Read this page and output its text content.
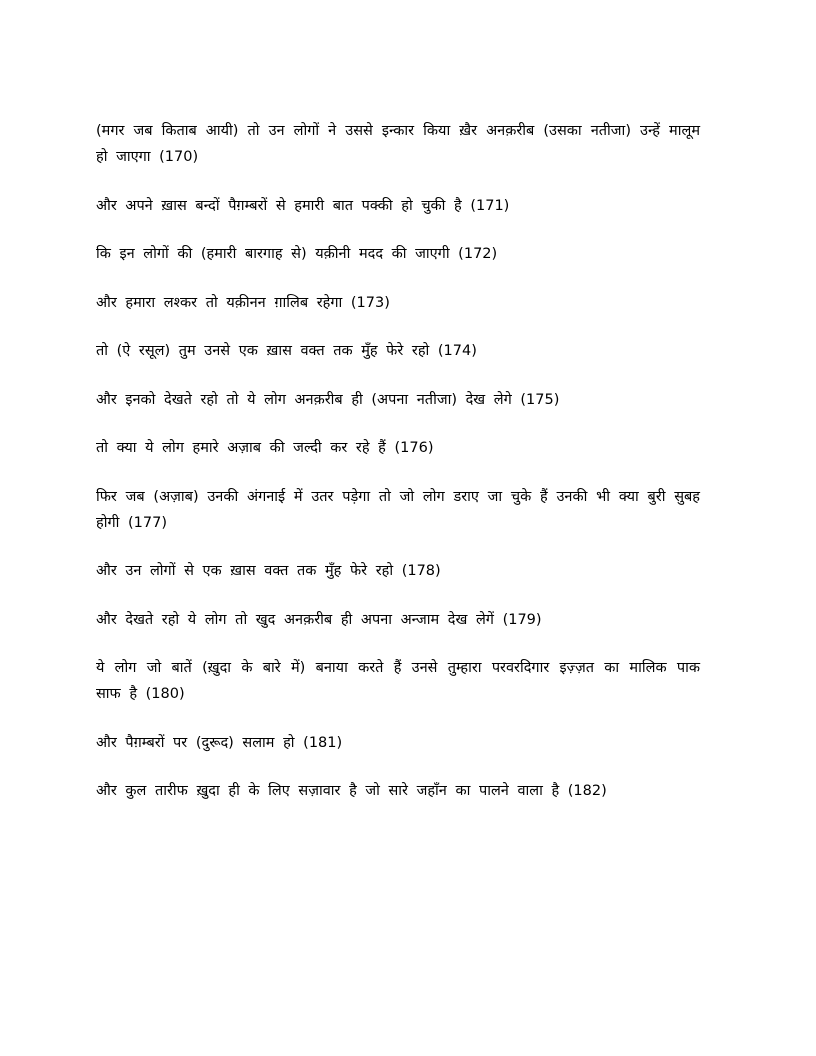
(मगर जब किताब आयी) तो उन लोगों ने उससे इन्कार किया ख़ैर अनक़रीब (उसका नतीजा) उन्हें मालूम हो जाएगा (170)

और अपने ख़ास बन्दों पैग़म्बरों से हमारी बात पक्की हो चुकी है (171)

कि इन लोगों की (हमारी बारगाह से) यक़ीनी मदद की जाएगी (172)

और हमारा लश्कर तो यक़ीनन ग़ालिब रहेगा (173)

तो (ऐ रसूल) तुम उनसे एक ख़ास वक्त तक मुँह फेरे रहो (174)

और इनको देखते रहो तो ये लोग अनक़रीब ही (अपना नतीजा) देख लेगे (175)

तो क्या ये लोग हमारे अज़ाब की जल्दी कर रहे हैं (176)

फिर जब (अज़ाब) उनकी अंगनाई में उतर पड़ेगा तो जो लोग डराए जा चुके हैं उनकी भी क्या बुरी सुबह होगी (177)

और उन लोगों से एक ख़ास वक्त तक मुँह फेरे रहो (178)

और देखते रहो ये लोग तो खुद अनक़रीब ही अपना अन्जाम देख लेगें (179)

ये लोग जो बातें (ख़ुदा के बारे में) बनाया करते हैं उनसे तुम्हारा परवरदिगार इज़्ज़त का मालिक पाक साफ है (180)

और पैग़म्बरों पर (दुरूद) सलाम हो (181)

और कुल तारीफ ख़ुदा ही के लिए सज़ावार है जो सारे जहाँन का पालने वाला है (182)
